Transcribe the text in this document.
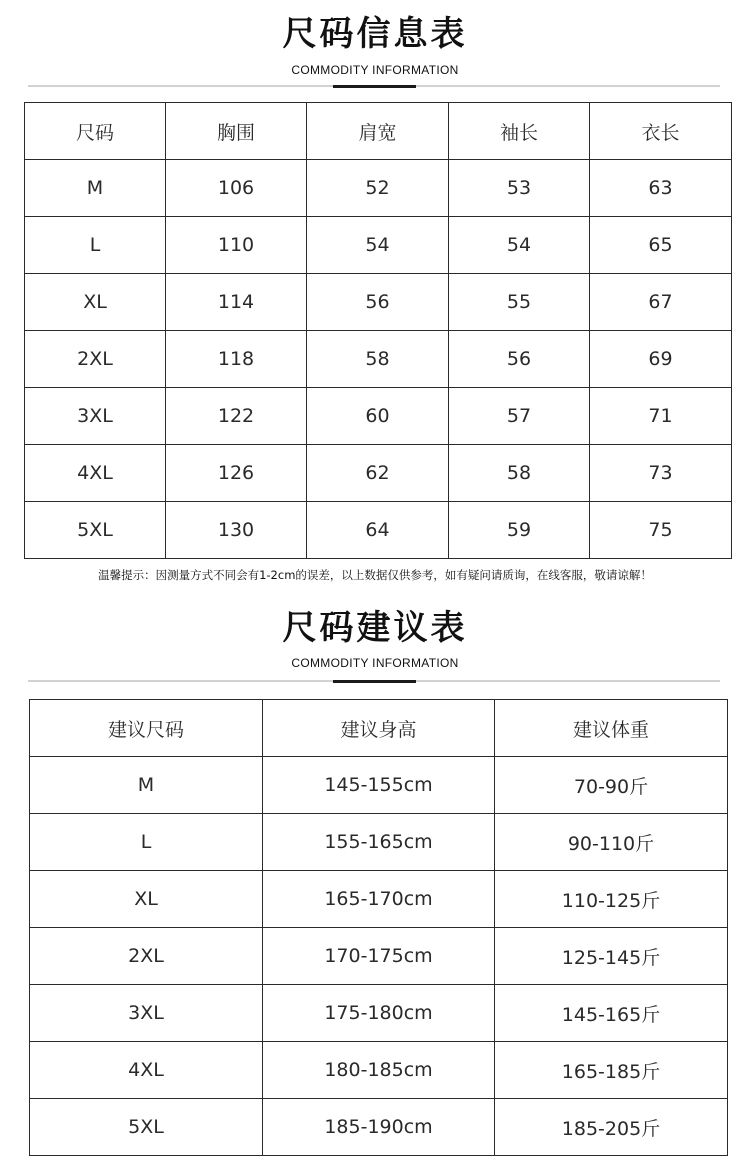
尺码信息表
COMMODITY INFORMATION
尺码	胸围	肩宽	袖长	衣长
M	106	52	53	63
L	110	54	54	65
XL	114	56	55	67
2XL	118	58	56	69
3XL	122	60	57	71
4XL	126	62	58	73
5XL	130	64	59	75
温馨提示：因测量方式不同会有1-2cm的误差，以上数据仅供参考，如有疑问请质询，在线客服，敬请谅解！
尺码建议表
COMMODITY INFORMATION
建议尺码	建议身高	建议体重
M	145-155cm	70-90斤
L	155-165cm	90-110斤
XL	165-170cm	110-125斤
2XL	170-175cm	125-145斤
3XL	175-180cm	145-165斤
4XL	180-185cm	165-185斤
5XL	185-190cm	185-205斤
